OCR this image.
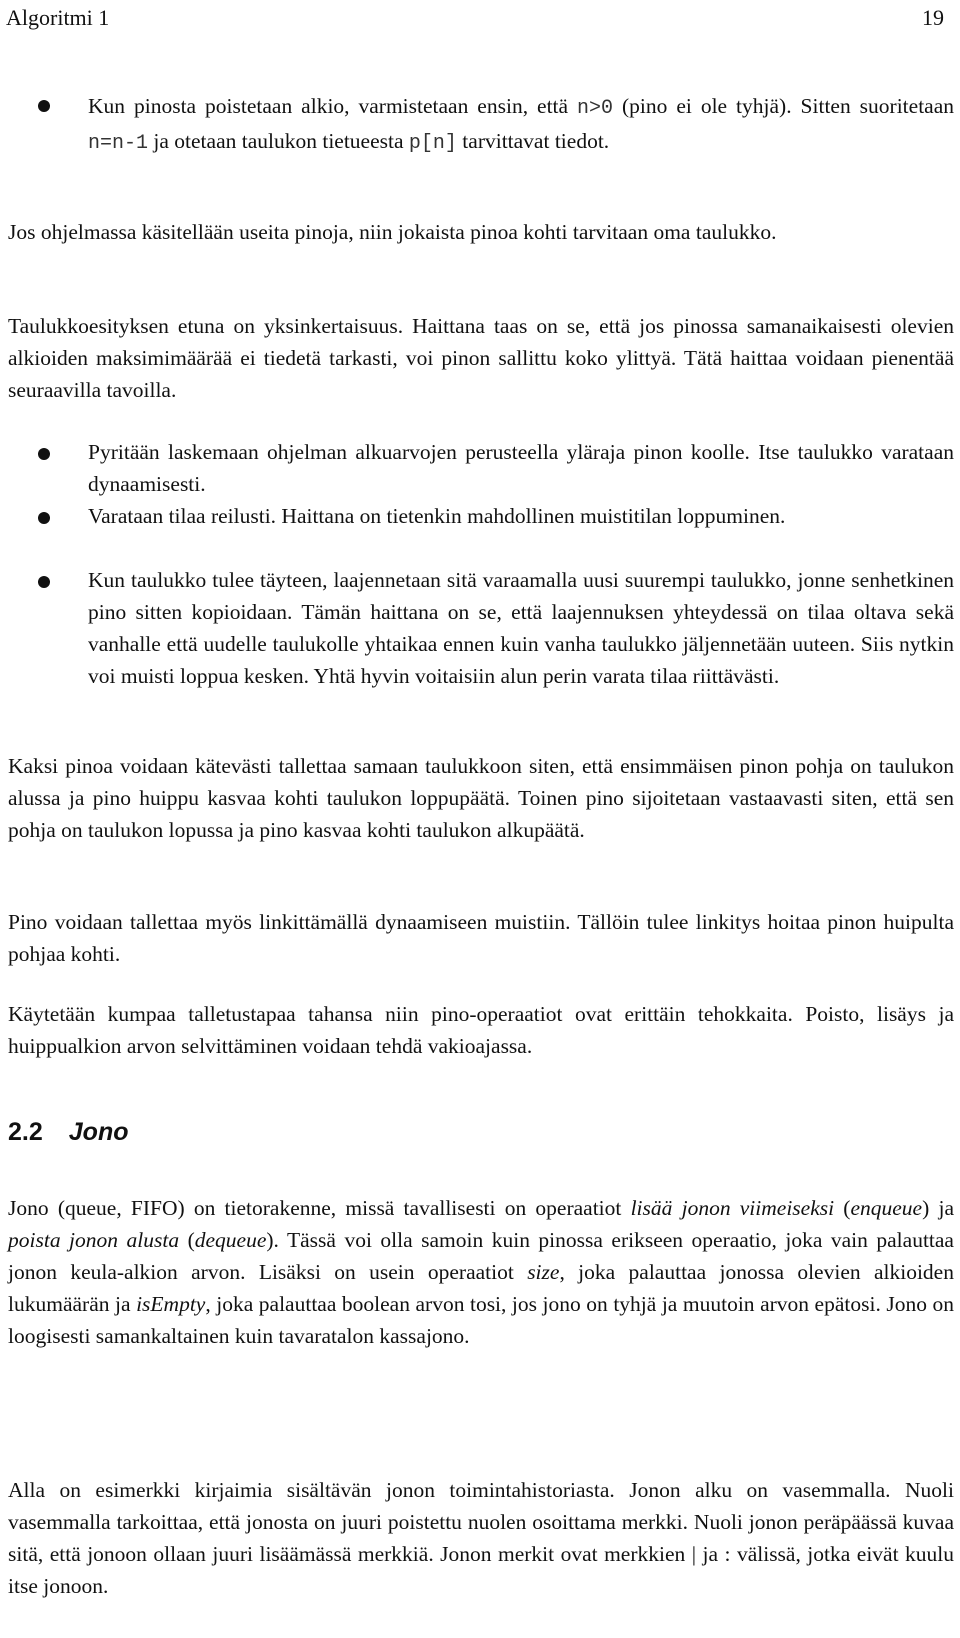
Algoritmi 1	19

Kun pinosta poistetaan alkio, varmistetaan ensin, että n>0 (pino ei ole tyhjä). Sitten suoritetaan n=n-1 ja otetaan taulukon tietueesta p[n] tarvittavat tiedot.

Jos ohjelmassa käsitellään useita pinoja, niin jokaista pinoa kohti tarvitaan oma taulukko.

Taulukkoesityksen etuna on yksinkertaisuus. Haittana taas on se, että jos pinossa samanaikaisesti olevien alkioiden maksimimäärää ei tiedetä tarkasti, voi pinon sallittu koko ylittyä. Tätä haittaa voidaan pienentää seuraavilla tavoilla.

Pyritään laskemaan ohjelman alkuarvojen perusteella yläraja pinon koolle. Itse taulukko varataan dynaamisesti.

Varataan tilaa reilusti. Haittana on tietenkin mahdollinen muistitilan loppuminen.

Kun taulukko tulee täyteen, laajennetaan sitä varaamalla uusi suurempi taulukko, jonne senhetkinen pino sitten kopioidaan. Tämän haittana on se, että laajennuksen yhteydessä on tilaa oltava sekä vanhalle että uudelle taulukolle yhtaikaa ennen kuin vanha taulukko jäljennetään uuteen. Siis nytkin voi muisti loppua kesken. Yhtä hyvin voitaisiin alun perin varata tilaa riittävästi.

Kaksi pinoa voidaan kätevästi tallettaa samaan taulukkoon siten, että ensimmäisen pinon pohja on taulukon alussa ja pino huippu kasvaa kohti taulukon loppupäätä. Toinen pino sijoitetaan vastaavasti siten, että sen pohja on taulukon lopussa ja pino kasvaa kohti taulukon alkupäätä.

Pino voidaan tallettaa myös linkittämällä dynaamiseen muistiin. Tällöin tulee linkitys hoitaa pinon huipulta pohjaa kohti.

Käytetään kumpaa talletustapaa tahansa niin pino-operaatiot ovat erittäin tehokkaita. Poisto, lisäys ja huippualkion arvon selvittäminen voidaan tehdä vakioajassa.

2.2 Jono

Jono (queue, FIFO) on tietorakenne, missä tavallisesti on operaatiot lisää jonon viimeiseksi (enqueue) ja poista jonon alusta (dequeue). Tässä voi olla samoin kuin pinossa erikseen operaatio, joka vain palauttaa jonon keula-alkion arvon. Lisäksi on usein operaatiot size, joka palauttaa jonossa olevien alkioiden lukumäärän ja isEmpty, joka palauttaa boolean arvon tosi, jos jono on tyhjä ja muutoin arvon epätosi. Jono on loogisesti samankaltainen kuin tavaratalon kassajono.

Alla on esimerkki kirjaimia sisältävän jonon toimintahistoriasta. Jonon alku on vasemmalla. Nuoli vasemmalla tarkoittaa, että jonosta on juuri poistettu nuolen osoittama merkki. Nuoli jonon peräpäässä kuvaa sitä, että jonoon ollaan juuri lisäämässä merkkiä. Jonon merkit ovat merkkien | ja : välissä, jotka eivät kuulu itse jonoon.
